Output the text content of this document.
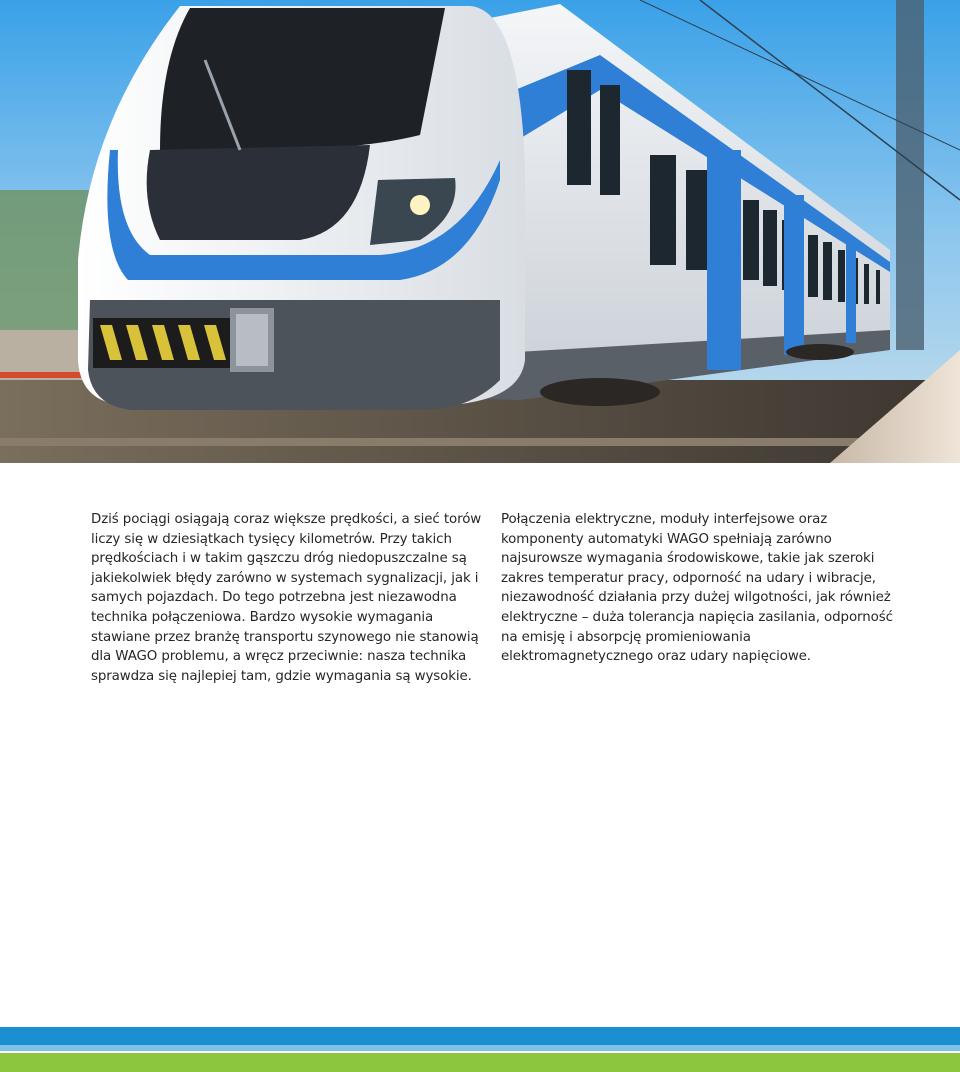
Dziś pociągi osiągają coraz większe prędkości, a sieć torów liczy się w dziesiątkach tysięcy kilometrów. Przy takich prędkościach i w takim gąszczu dróg niedopuszczalne są jakiekolwiek błędy zarówno w systemach sygnalizacji, jak i samych pojazdach. Do tego potrzebna jest niezawodna technika połączeniowa. Bardzo wysokie wymagania stawiane przez branżę transportu szynowego nie stanowią dla WAGO problemu, a wręcz przeciwnie: nasza technika sprawdza się najlepiej tam, gdzie wymagania są wysokie.

Połączenia elektryczne, moduły interfejsowe oraz komponenty automatyki WAGO spełniają zarówno najsurowsze wymagania środowiskowe, takie jak szeroki zakres temperatur pracy, odporność na udary i wibracje, niezawodność działania przy dużej wilgotności, jak również elektryczne – duża tolerancja napięcia zasilania, odporność na emisję i absorpcję promieniowania elektromagnetycznego oraz udary napięciowe.
